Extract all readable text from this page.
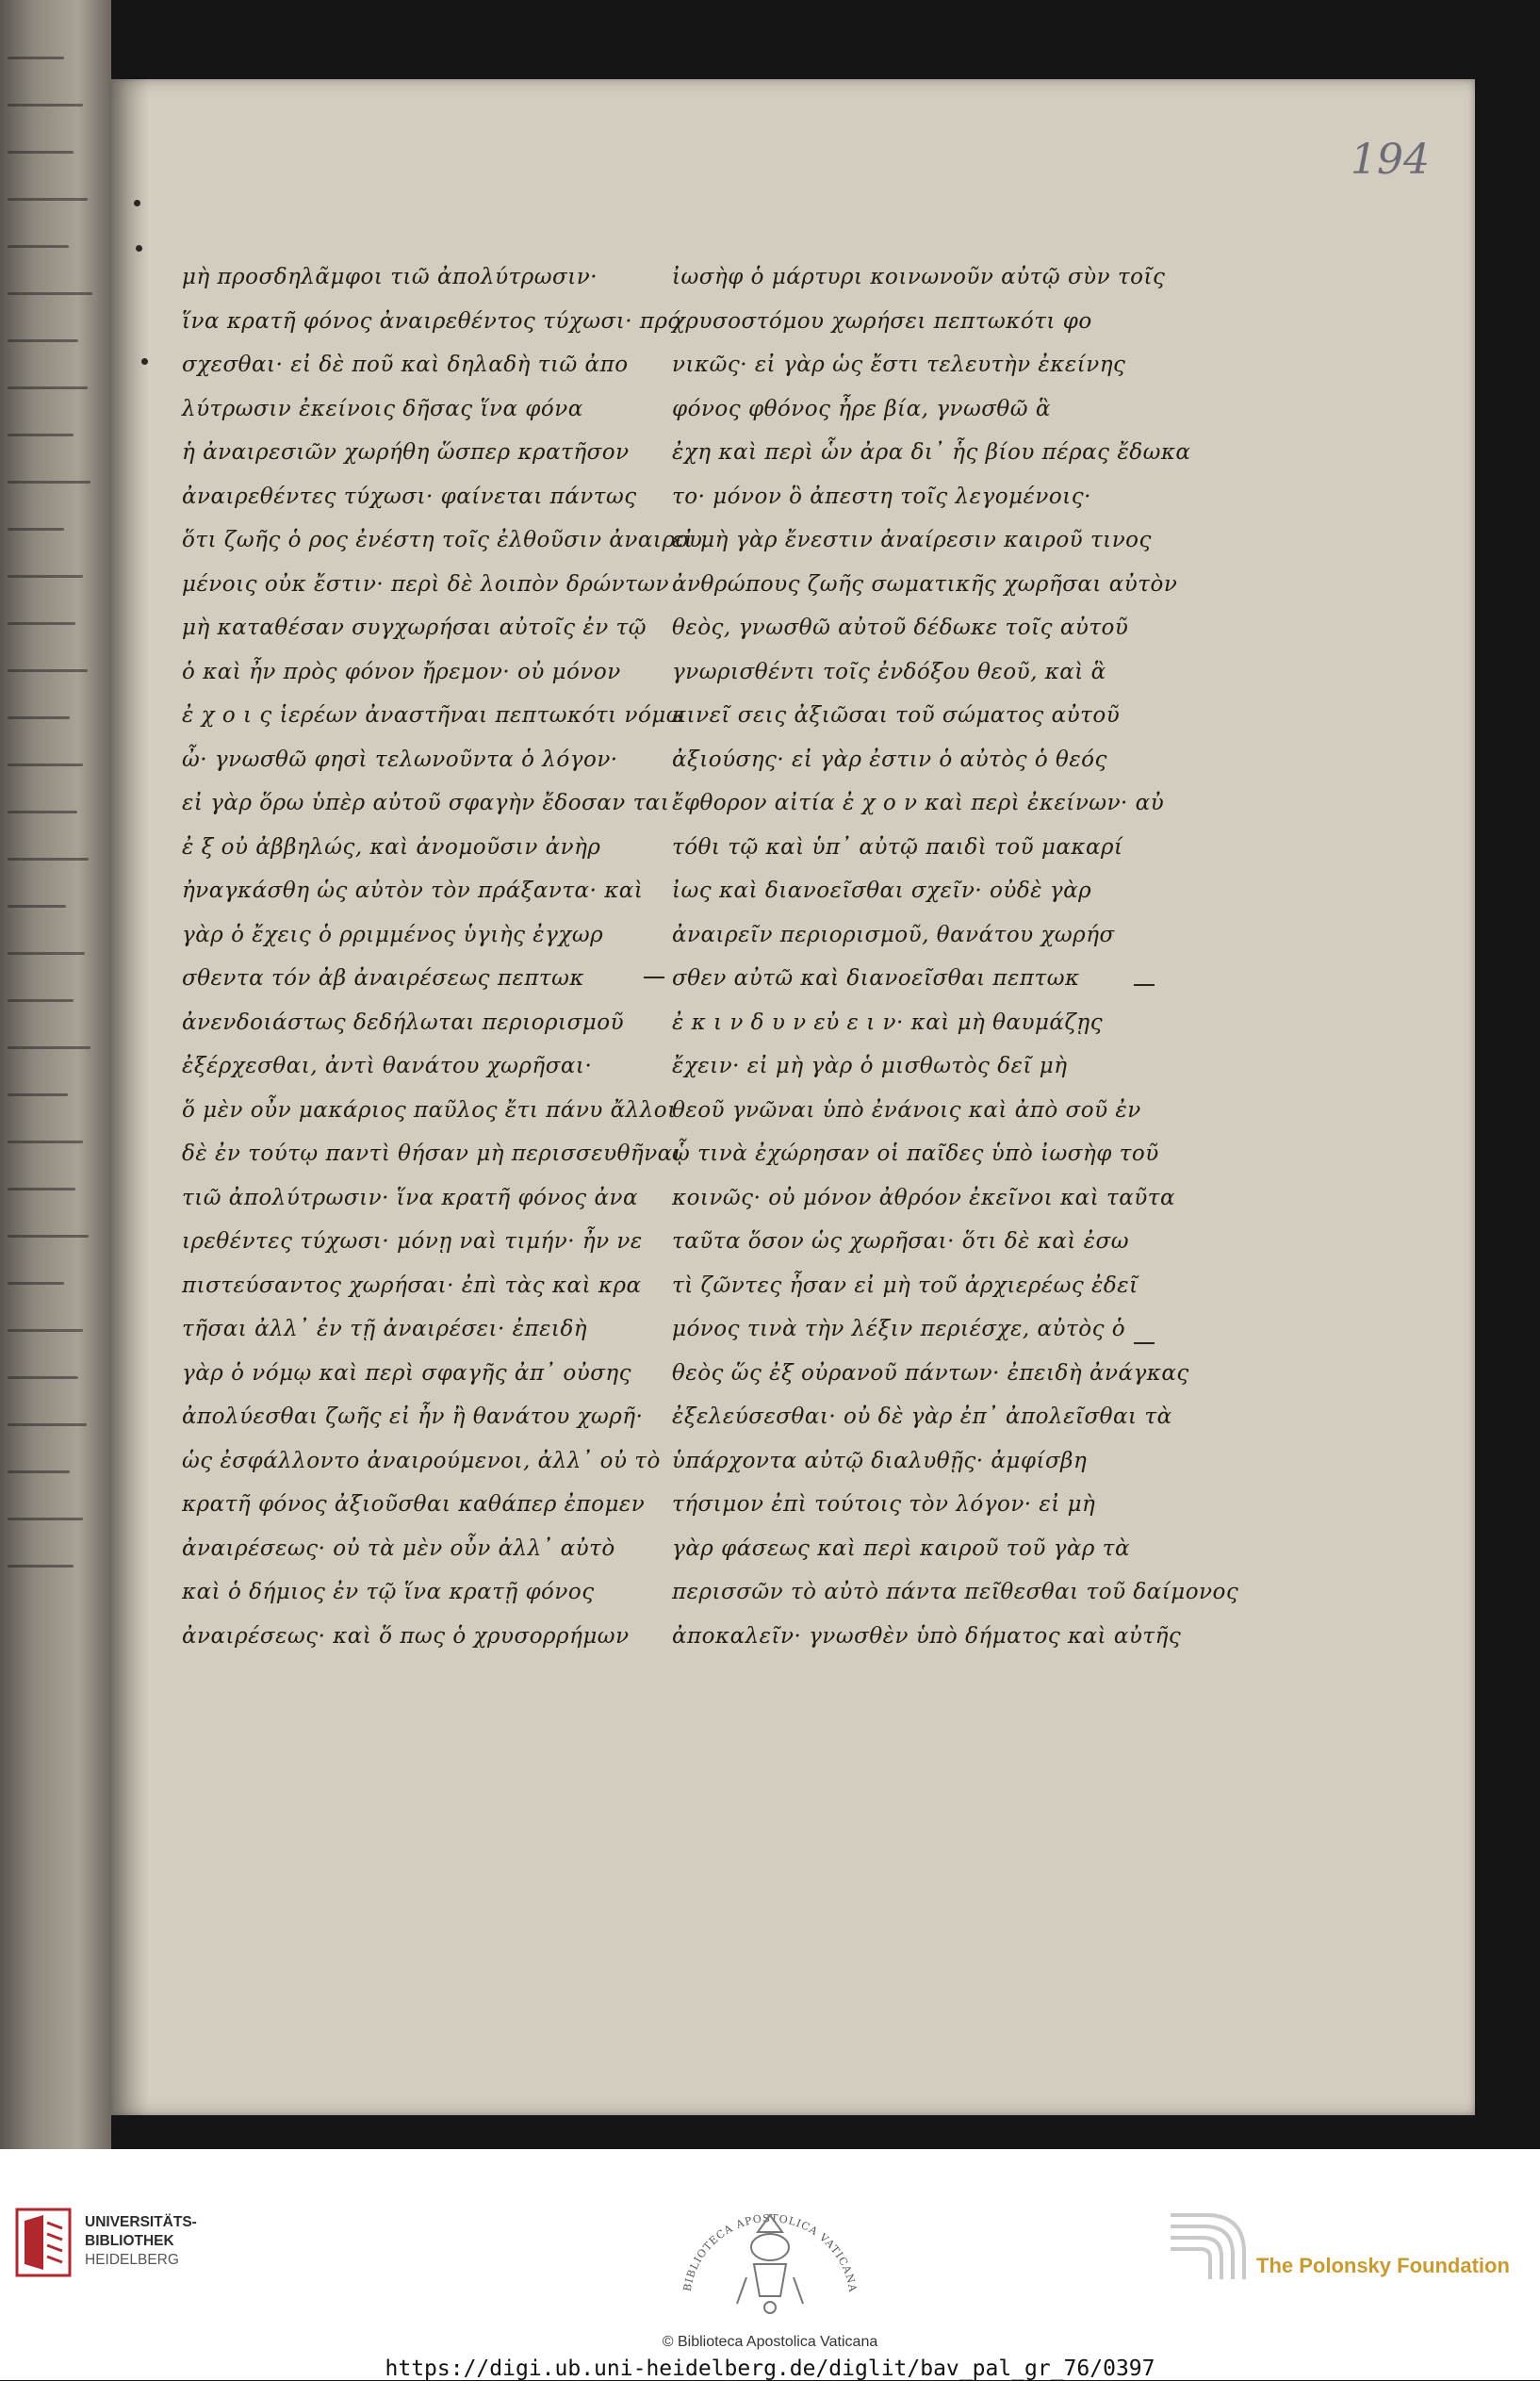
194
μὴ προσδηλᾶμφοι τιῶ ἀπολύτρωσιν·
ἵνα κρατῆ φόνος ἀναιρεθέντος τύχωσι· πρό
σχεσθαι· εἰ δὲ ποῦ καὶ δηλαδὴ τιῶ ἀπο
λύτρωσιν ἐκείνοις δῆσας ἵνα φόνα
ἡ ἀναιρεσιῶν χωρήθη ὥσπερ κρατῆσον
ἀναιρεθέντες τύχωσι· φαίνεται πάντως
ὅτι ζωῆς ὁ ρος ἐνέστη τοῖς ἐλθοῦσιν ἀναιρου
μένοις οὐκ ἔστιν· περὶ δὲ λοιπὸν δρώντων
μὴ καταθέσαν συγχωρήσαι αὐτοῖς ἐν τῷ
ὁ καὶ ἦν πρὸς φόνον ἤρεμον· οὐ μόνον
ἐ χ ο ι ς ἱερέων ἀναστῆναι πεπτωκότι νόμω
ὦ· γνωσθῶ φησὶ τελωνοῦντα ὁ λόγον·
εἰ γὰρ ὅρω ὑπὲρ αὐτοῦ σφαγὴν ἔδοσαν ται
ἐ ξ οὐ ἀββηλώς, καὶ ἀνομοῦσιν ἀνὴρ
ἠναγκάσθη ὡς αὐτὸν τὸν πράξαντα· καὶ
γὰρ ὁ ἔχεις ὁ ρριμμένος ὑγιὴς ἐγχωρ
σθεντα τόν ἀβ ἀναιρέσεως πεπτωκ
ἀνενδοιάστως δεδήλωται περιορισμοῦ
ἐξέρχεσθαι, ἀντὶ θανάτου χωρῆσαι·
ὅ μὲν οὖν μακάριος παῦλος ἔτι πάνυ ἄλλοι
δὲ ἐν τούτῳ παντὶ θήσαν μὴ περισσευθῆναι
τιῶ ἀπολύτρωσιν· ἵνα κρατῆ φόνος ἀνα
ιρεθέντες τύχωσι· μόνῃ ναὶ τιμήν· ἦν νε
πιστεύσαντος χωρήσαι· ἐπὶ τὰς καὶ κρα
τῆσαι ἀλλ᾽ ἐν τῇ ἀναιρέσει· ἐπειδὴ
γὰρ ὁ νόμῳ καὶ περὶ σφαγῆς ἀπ᾽ οὐσης
ἀπολύεσθαι ζωῆς εἰ ἦν ἢ θανάτου χωρῆ·
ὡς ἐσφάλλοντο ἀναιρούμενοι, ἀλλ᾽ οὐ τὸ
κρατῆ φόνος ἀξιοῦσθαι καθάπερ ἐπομεν
ἀναιρέσεως· οὐ τὰ μὲν οὖν ἀλλ᾽ αὐτὸ
καὶ ὁ δήμιος ἐν τῷ ἵνα κρατῇ φόνος
ἀναιρέσεως· καὶ ὅ πως ὁ χρυσορρήμων
ἰωσὴφ ὁ μάρτυρι κοινωνοῦν αὐτῷ σὺν τοῖς
χρυσοστόμου χωρήσει πεπτωκότι φο
νικῶς· εἰ γὰρ ὡς ἔστι τελευτὴν ἐκείνης
φόνος φθόνος ἦρε βία, γνωσθῶ ἃ
ἐχη καὶ περὶ ὧν ἀρα δι᾽ ἧς βίου πέρας ἔδωκα
το· μόνον ὃ ἀπεστη τοῖς λεγομένοις·
εἰ μὴ γὰρ ἔνεστιν ἀναίρεσιν καιροῦ τινος
ἀνθρώπους ζωῆς σωματικῆς χωρῆσαι αὐτὸν
θεὸς, γνωσθῶ αὐτοῦ δέδωκε τοῖς αὐτοῦ
γνωρισθέντι τοῖς ἐνδόξου θεοῦ, καὶ ἃ
κινεῖ σεις ἀξιῶσαι τοῦ σώματος αὐτοῦ
ἀξιούσης· εἰ γὰρ ἐστιν ὁ αὐτὸς ὁ θεός
ἔφθορον αἰτία ἐ χ ο ν καὶ περὶ ἐκείνων· αὐ
τόθι τῷ καὶ ὑπ᾽ αὐτῷ παιδὶ τοῦ μακαρί
ἰως καὶ διανοεῖσθαι σχεῖν· οὐδὲ γὰρ
ἀναιρεῖν περιορισμοῦ, θανάτου χωρήσ
σθεν αὐτῶ καὶ διανοεῖσθαι πεπτωκ
ἐ κ ι ν δ υ ν εὐ ε ι ν· καὶ μὴ θαυμάζῃς
ἔχειν· εἰ μὴ γὰρ ὁ μισθωτὸς δεῖ μὴ
θεοῦ γνῶναι ὑπὸ ἐνάνοις καὶ ἀπὸ σοῦ ἐν
ᾧ τινὰ ἐχώρησαν οἱ παῖδες ὑπὸ ἰωσὴφ τοῦ
κοινῶς· οὐ μόνον ἀθρόον ἐκεῖνοι καὶ ταῦτα
ταῦτα ὅσον ὡς χωρῆσαι· ὅτι δὲ καὶ ἐσω
τὶ ζῶντες ἦσαν εἰ μὴ τοῦ ἀρχιερέως ἐδεῖ
μόνος τινὰ τὴν λέξιν περιέσχε, αὐτὸς ὁ
θεὸς ὥς ἐξ οὐρανοῦ πάντων· ἐπειδὴ ἀνάγκας
ἐξελεύσεσθαι· οὐ δὲ γὰρ ἐπ᾽ ἀπολεῖσθαι τὰ
ὑπάρχοντα αὐτῷ διαλυθῇς· ἀμφίσβη
τήσιμον ἐπὶ τούτοις τὸν λόγον· εἰ μὴ
γὰρ φάσεως καὶ περὶ καιροῦ τοῦ γὰρ τὰ
περισσῶν τὸ αὐτὸ πάντα πεῖθεσθαι τοῦ δαίμονος
ἀποκαλεῖν· γνωσθὲν ὑπὸ δήματος καὶ αὐτῆς
UNIVERSITÄTS-
BIBLIOTHEK
HEIDELBERG
BIBLIOTECA APOSTOLICA VATICANA
The Polonsky Foundation
© Biblioteca Apostolica Vaticana
https://digi.ub.uni-heidelberg.de/diglit/bav_pal_gr_76/0397
